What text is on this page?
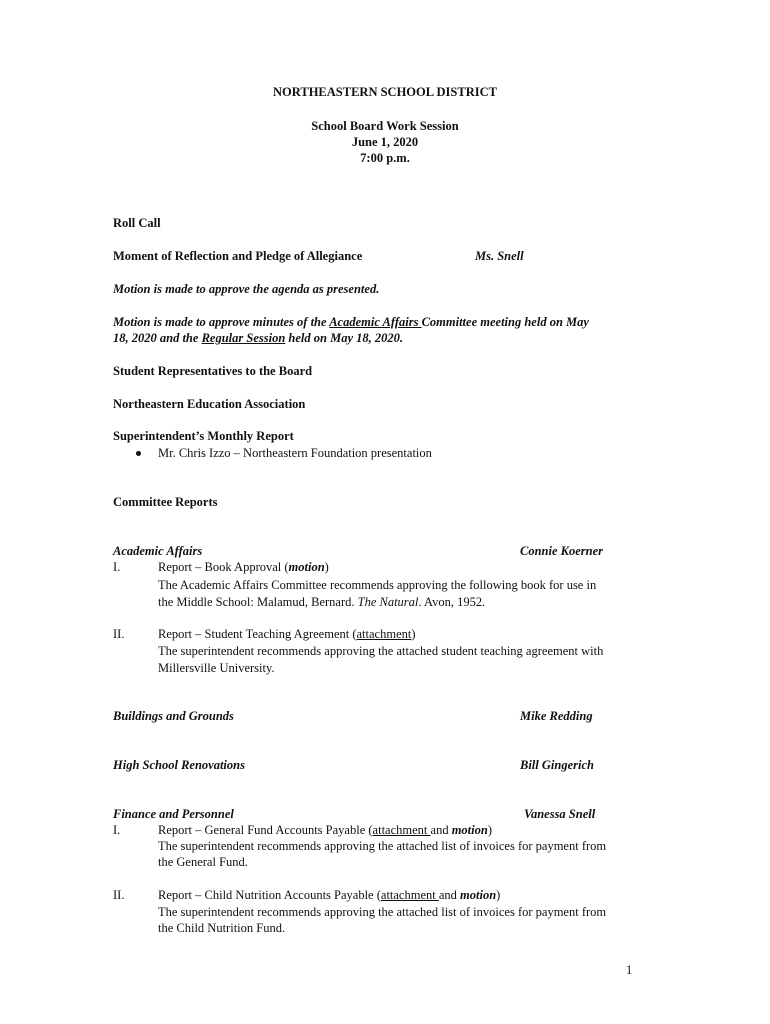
NORTHEASTERN SCHOOL DISTRICT
School Board Work Session
June 1, 2020
7:00 p.m.
Roll Call
Moment of Reflection and Pledge of Allegiance	Ms. Snell
Motion is made to approve the agenda as presented.
Motion is made to approve minutes of the Academic Affairs Committee meeting held on May
18, 2020 and the Regular Session held on May 18, 2020.
Student Representatives to the Board
Northeastern Education Association
Superintendent’s Monthly Report
Mr. Chris Izzo – Northeastern Foundation presentation
Committee Reports
Academic Affairs	Connie Koerner
I.	Report – Book Approval (motion)
The Academic Affairs Committee recommends approving the following book for use in
the Middle School: Malamud, Bernard. The Natural. Avon, 1952.
II.	Report – Student Teaching Agreement (attachment)
The superintendent recommends approving the attached student teaching agreement with
Millersville University.
Buildings and Grounds	Mike Redding
High School Renovations	Bill Gingerich
Finance and Personnel	Vanessa Snell
I.	Report – General Fund Accounts Payable (attachment and motion)
The superintendent recommends approving the attached list of invoices for payment from
the General Fund.
II.	Report – Child Nutrition Accounts Payable (attachment and motion)
The superintendent recommends approving the attached list of invoices for payment from
the Child Nutrition Fund.
1
